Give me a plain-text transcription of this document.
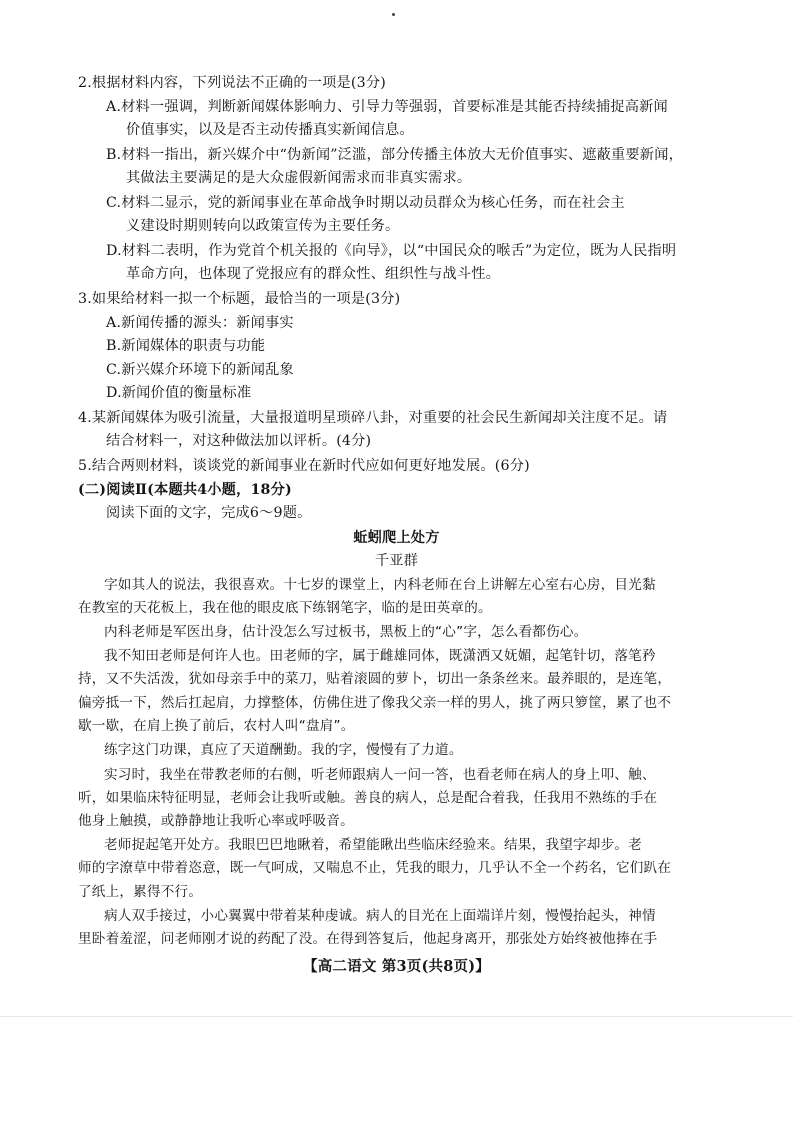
2.根据材料内容，下列说法不正确的一项是(3分)
A.材料一强调，判断新闻媒体影响力、引导力等强弱，首要标准是其能否持续捕捉高新闻
价值事实，以及是否主动传播真实新闻信息。
B.材料一指出，新兴媒介中“伪新闻”泛滥，部分传播主体放大无价值事实、遮蔽重要新闻，
其做法主要满足的是大众虚假新闻需求而非真实需求。
C.材料二显示，党的新闻事业在革命战争时期以动员群众为核心任务，而在社会主
义建设时期则转向以政策宣传为主要任务。
D.材料二表明，作为党首个机关报的《向导》，以“中国民众的喉舌”为定位，既为人民指明
革命方向，也体现了党报应有的群众性、组织性与战斗性。
3.如果给材料一拟一个标题，最恰当的一项是(3分)
A.新闻传播的源头：新闻事实
B.新闻媒体的职责与功能
C.新兴媒介环境下的新闻乱象
D.新闻价值的衡量标准
4.某新闻媒体为吸引流量，大量报道明星琐碎八卦，对重要的社会民生新闻却关注度不足。请
结合材料一，对这种做法加以评析。(4分)
5.结合两则材料，谈谈党的新闻事业在新时代应如何更好地发展。(6分)
(二)阅读Ⅱ(本题共4小题，18分)
阅读下面的文字，完成6～9题。
蚯蚓爬上处方
千亚群
字如其人的说法，我很喜欢。十七岁的课堂上，内科老师在台上讲解左心室右心房，目光黏
在教室的天花板上，我在他的眼皮底下练钢笔字，临的是田英章的。
内科老师是军医出身，估计没怎么写过板书，黑板上的“心”字，怎么看都伤心。
我不知田老师是何许人也。田老师的字，属于雌雄同体，既潇洒又妩媚，起笔针切，落笔矜
持，又不失活泼，犹如母亲手中的菜刀，贴着滚圆的萝卜，切出一条条丝来。最养眼的，是连笔，
偏旁抵一下，然后扛起肩，力撑整体，仿佛住进了像我父亲一样的男人，挑了两只箩筐，累了也不
歇一歇，在肩上换了前后，农村人叫“盘肩”。
练字这门功课，真应了天道酬勤。我的字，慢慢有了力道。
实习时，我坐在带教老师的右侧，听老师跟病人一问一答，也看老师在病人的身上叩、触、
听，如果临床特征明显，老师会让我听或触。善良的病人，总是配合着我，任我用不熟练的手在
他身上触摸，或静静地让我听心率或呼吸音。
老师捉起笔开处方。我眼巴巴地瞅着，希望能瞅出些临床经验来。结果，我望字却步。老
师的字潦草中带着恣意，既一气呵成，又喘息不止，凭我的眼力，几乎认不全一个药名，它们趴在
了纸上，累得不行。
病人双手接过，小心翼翼中带着某种虔诚。病人的目光在上面端详片刻，慢慢抬起头，神情
里卧着羞涩，问老师刚才说的药配了没。在得到答复后，他起身离开，那张处方始终被他捧在手
【高二语文 第3页(共8页)】
